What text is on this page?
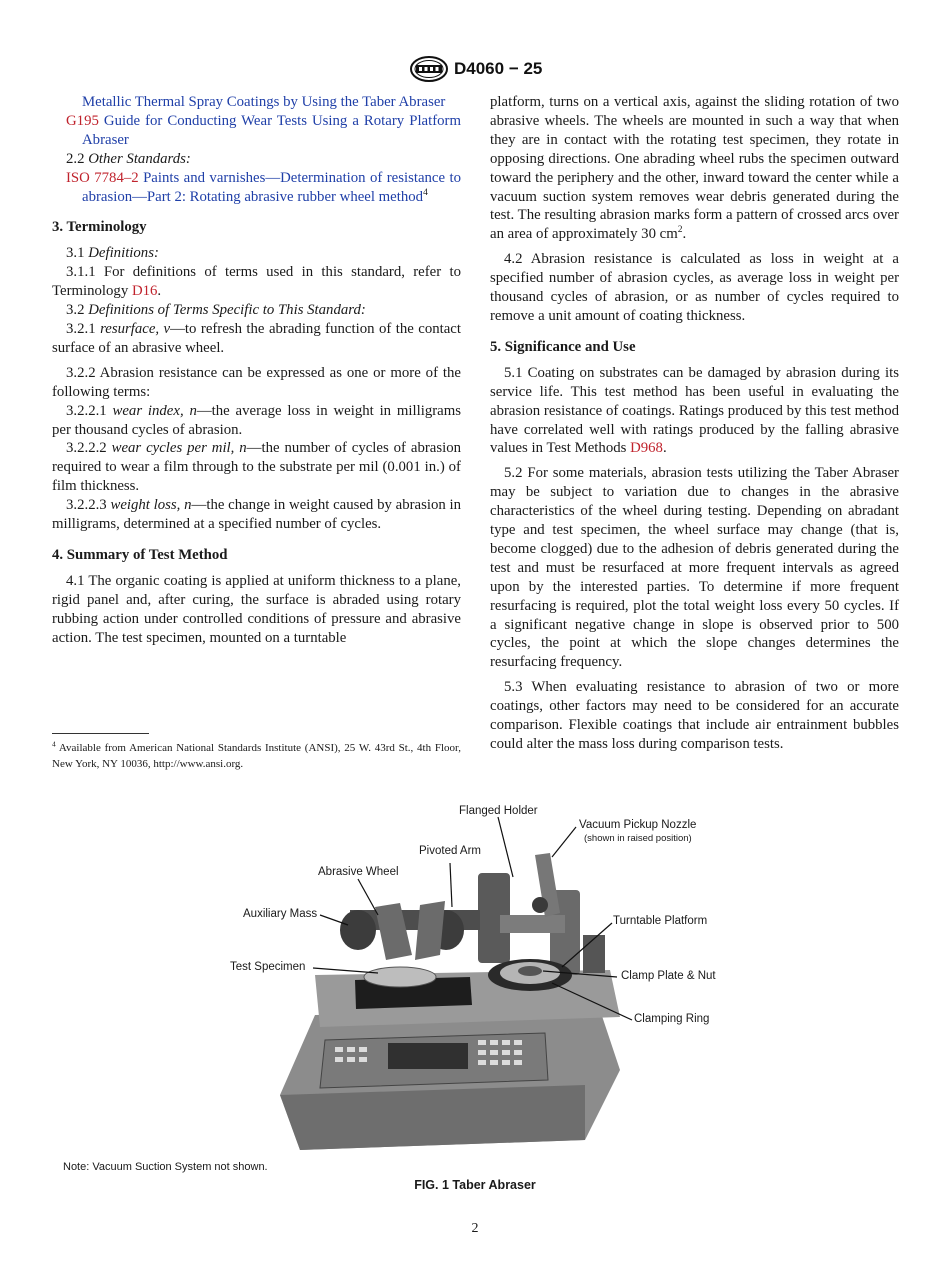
D4060 − 25

Metallic Thermal Spray Coatings by Using the Taber Abraser

G195 Guide for Conducting Wear Tests Using a Rotary Platform Abraser

2.2 Other Standards:

ISO 7784–2 Paints and varnishes—Determination of resistance to abrasion—Part 2: Rotating abrasive rubber wheel method$^4$

3. Terminology

3.1 Definitions:

3.1.1 For definitions of terms used in this standard, refer to Terminology D16.

3.2 Definitions of Terms Specific to This Standard:

3.2.1 resurface, v—to refresh the abrading function of the contact surface of an abrasive wheel.

3.2.2 Abrasion resistance can be expressed as one or more of the following terms:

3.2.2.1 wear index, n—the average loss in weight in milligrams per thousand cycles of abrasion.

3.2.2.2 wear cycles per mil, n—the number of cycles of abrasion required to wear a film through to the substrate per mil (0.001 in.) of film thickness.

3.2.2.3 weight loss, n—the change in weight caused by abrasion in milligrams, determined at a specified number of cycles.

4. Summary of Test Method

4.1 The organic coating is applied at uniform thickness to a plane, rigid panel and, after curing, the surface is abraded using rotary rubbing action under controlled conditions of pressure and abrasive action. The test specimen, mounted on a turntable

platform, turns on a vertical axis, against the sliding rotation of two abrasive wheels. The wheels are mounted in such a way that when they are in contact with the rotating test specimen, they rotate in opposing directions. One abrading wheel rubs the specimen outward toward the periphery and the other, inward toward the center while a vacuum suction system removes wear debris generated during the test. The resulting abrasion marks form a pattern of crossed arcs over an area of approximately 30 $cm^2$.

4.2 Abrasion resistance is calculated as loss in weight at a specified number of abrasion cycles, as average loss in weight per thousand cycles of abrasion, or as number of cycles required to remove a unit amount of coating thickness.

5. Significance and Use

5.1 Coating on substrates can be damaged by abrasion during its service life. This test method has been useful in evaluating the abrasion resistance of coatings. Ratings produced by this test method have correlated well with ratings produced by the falling abrasive values in Test Methods D968.

5.2 For some materials, abrasion tests utilizing the Taber Abraser may be subject to variation due to changes in the abrasive characteristics of the wheel during testing. Depending on abradant type and test specimen, the wheel surface may change (that is, become clogged) due to the adhesion of debris generated during the test and must be resurfaced at more frequent intervals as agreed upon by the interested parties. To determine if more frequent resurfacing is required, plot the total weight loss every 50 cycles. If a significant negative change in slope is observed prior to 500 cycles, the point at which the slope changes determines the resurfacing frequency.

5.3 When evaluating resistance to abrasion of two or more coatings, other factors may need to be considered for an accurate comparison. Flexible coatings that include air entrainment bubbles could alter the mass loss during comparison tests.

$^4$ Available from American National Standards Institute (ANSI), 25 W. 43rd St., 4th Floor, New York, NY 10036, http://www.ansi.org.
Flanged Holder
Vacuum Pickup Nozzle
(shown in raised position)
Pivoted Arm
Abrasive Wheel
Auxiliary Mass
Turntable Platform
Test Specimen
Clamp Plate & Nut
Clamping Ring
Note: Vacuum Suction System not shown.
FIG. 1 Taber Abraser
2
